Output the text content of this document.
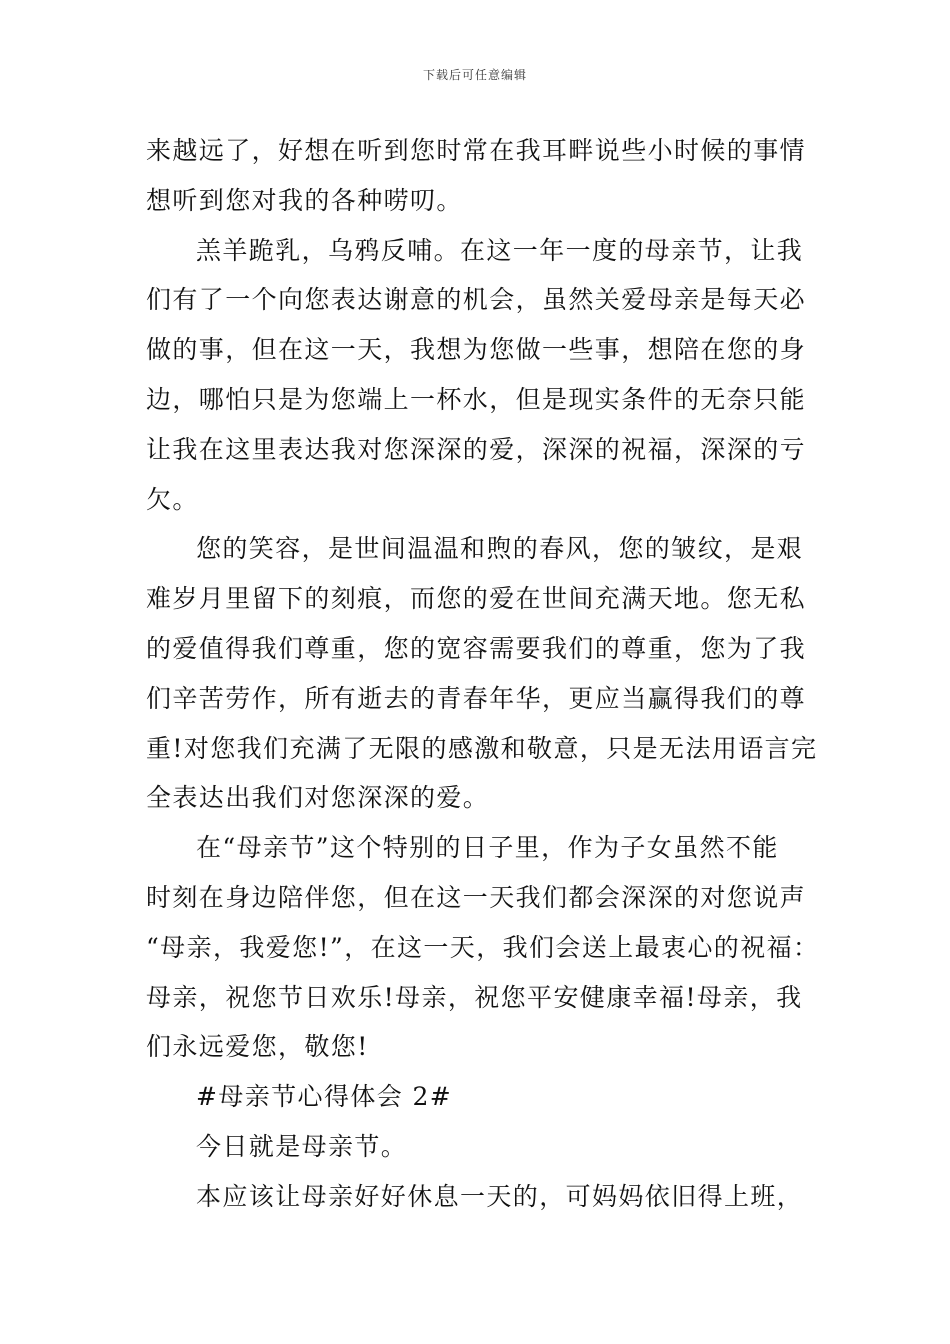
下载后可任意编辑
来越远了，好想在听到您时常在我耳畔说些小时候的事情
想听到您对我的各种唠叨。
羔羊跪乳，乌鸦反哺。在这一年一度的母亲节，让我
们有了一个向您表达谢意的机会，虽然关爱母亲是每天必
做的事，但在这一天，我想为您做一些事，想陪在您的身
边，哪怕只是为您端上一杯水，但是现实条件的无奈只能
让我在这里表达我对您深深的爱，深深的祝福，深深的亏
欠。
您的笑容，是世间温温和煦的春风，您的皱纹，是艰
难岁月里留下的刻痕，而您的爱在世间充满天地。您无私
的爱值得我们尊重，您的宽容需要我们的尊重，您为了我
们辛苦劳作，所有逝去的青春年华，更应当赢得我们的尊
重!对您我们充满了无限的感激和敬意，只是无法用语言完
全表达出我们对您深深的爱。
在“母亲节”这个特别的日子里，作为子女虽然不能
时刻在身边陪伴您，但在这一天我们都会深深的对您说声
“母亲，我爱您!”，在这一天，我们会送上最衷心的祝福：
母亲，祝您节日欢乐!母亲，祝您平安健康幸福!母亲，我
们永远爱您，敬您!
#母亲节心得体会 2#
今日就是母亲节。
本应该让母亲好好休息一天的，可妈妈依旧得上班，
